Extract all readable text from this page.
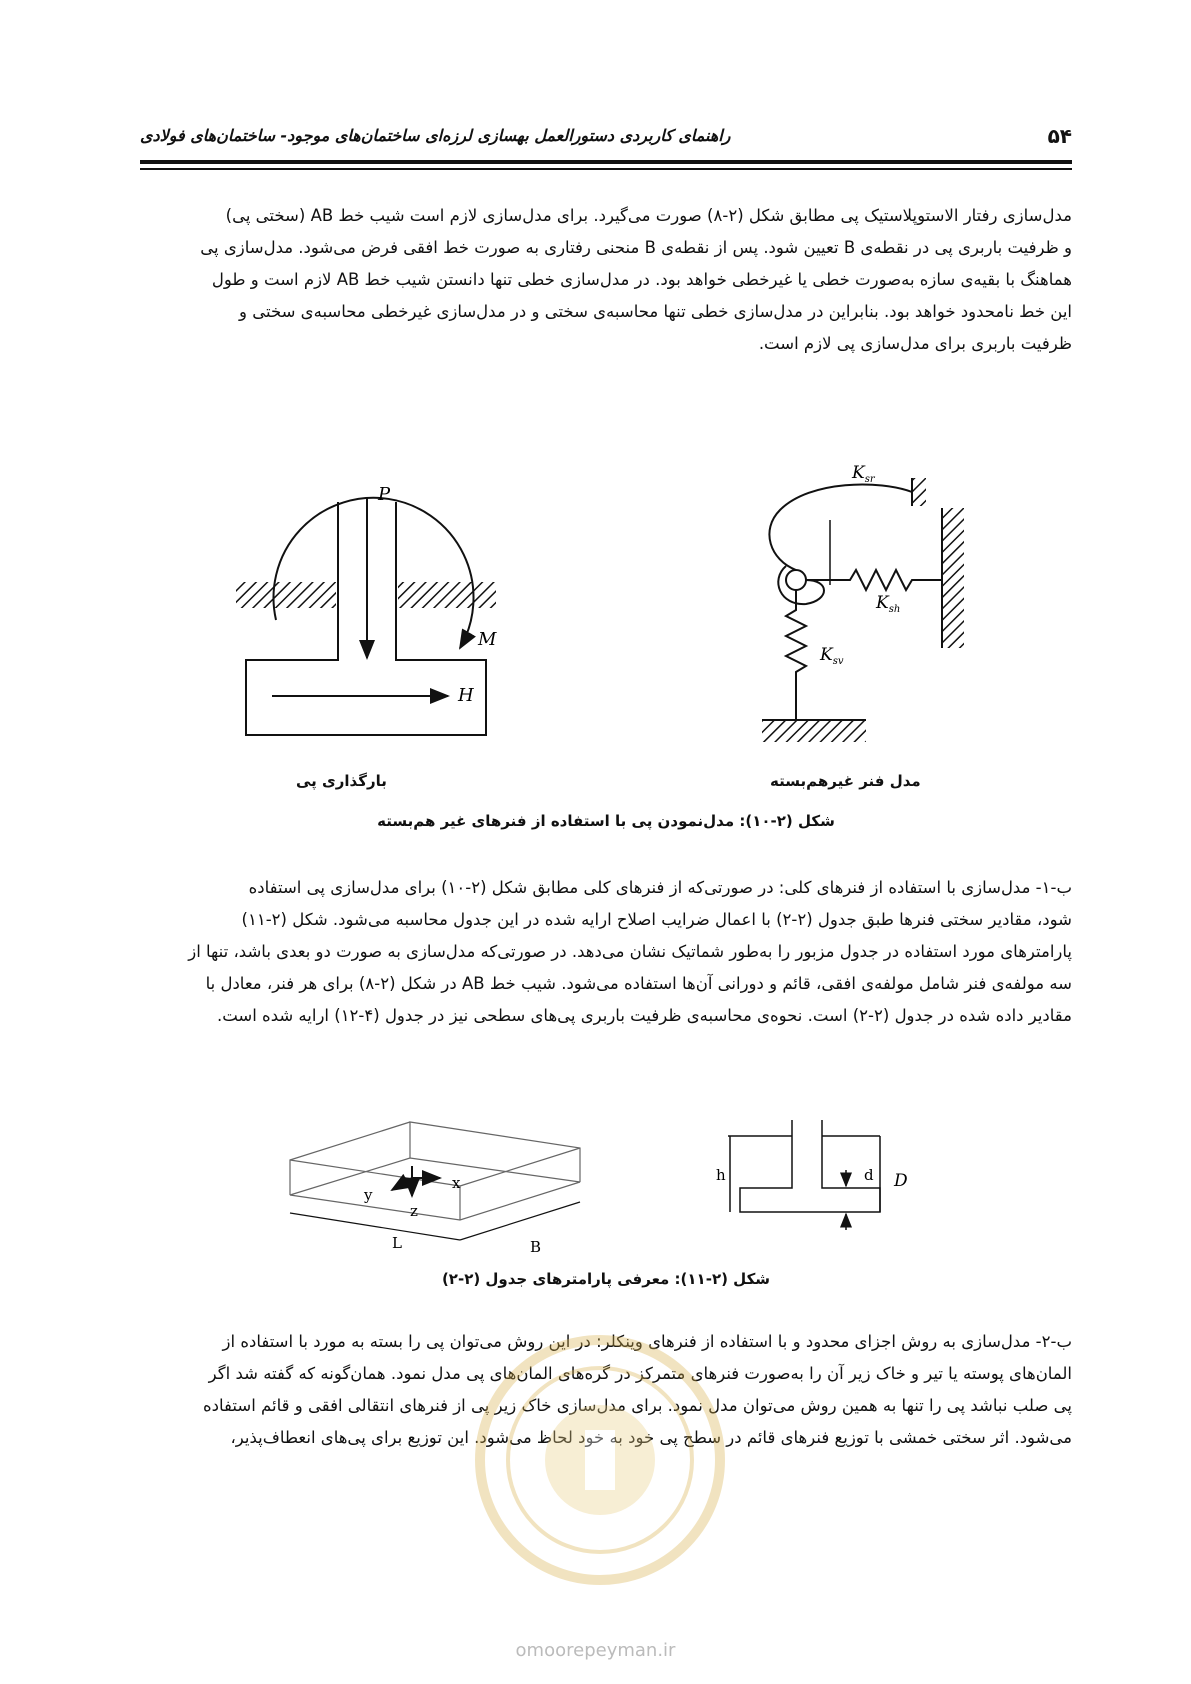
۵۴
راهنمای کاربردی دستورالعمل بهسازی لرزه‌ای ساختمان‌های موجود- ساختمان‌های فولادی
مدل‌سازی رفتار الاستوپلاستیک پی مطابق شکل (۲-۸) صورت می‌گیرد. برای مدل‌سازی لازم است شیب خط AB (سختی پی)
و ظرفیت باربری پی در نقطه‌ی B تعیین شود. پس از نقطه‌ی B منحنی رفتاری به صورت خط افقی فرض می‌شود. مدل‌سازی پی
هماهنگ با بقیه‌ی سازه به‌صورت خطی یا غیرخطی خواهد بود. در مدل‌سازی خطی تنها دانستن شیب خط AB لازم است و طول
این خط نامحدود خواهد بود. بنابراین در مدل‌سازی خطی تنها محاسبه‌ی سختی و در مدل‌سازی غیرخطی محاسبه‌ی سختی و
ظرفیت باربری برای مدل‌سازی پی لازم است.
P
M
H
$K_{sr}$
$K_{sh}$
$K_{sv}$
بارگذاری پی	مدل فنر غیرهم‌بسته
شکل (۲-۱۰): مدل‌نمودن پی با استفاده از فنرهای غیر هم‌بسته
ب-۱- مدل‌سازی با استفاده از فنرهای کلی: در صورتی‌که از فنرهای کلی مطابق شکل (۲-۱۰) برای مدل‌سازی پی استفاده
شود، مقادیر سختی فنرها طبق جدول (۲-۲) با اعمال ضرایب اصلاح ارایه شده در این جدول محاسبه می‌شود. شکل (۲-۱۱)
پارامترهای مورد استفاده در جدول مزبور را به‌طور شماتیک نشان می‌دهد. در صورتی‌که مدل‌سازی به صورت دو بعدی باشد، تنها از
سه مولفه‌ی فنر شامل مولفه‌ی افقی، قائم و دورانی آن‌ها استفاده می‌شود. شیب خط AB در شکل (۲-۸) برای هر فنر، معادل با
مقادیر داده شده در جدول (۲-۲) است. نحوه‌ی محاسبه‌ی ظرفیت باربری پی‌های سطحی نیز در جدول (۴-۱۲) ارایه شده است.
x
y
z
L	B
h	d D
شکل (۲-۱۱): معرفی پارامترهای جدول (۲-۲)
ب-۲- مدل‌سازی به روش اجزای محدود و با استفاده از فنرهای وینکلر: در این روش می‌توان پی را بسته به مورد با استفاده از
المان‌های پوسته یا تیر و خاک زیر آن را به‌صورت فنرهای متمرکز در گره‌های المان‌های پی مدل نمود. همان‌گونه که گفته شد اگر
پی صلب نباشد پی را تنها به همین روش می‌توان مدل نمود. برای مدل‌سازی خاک زیر پی از فنرهای انتقالی افقی و قائم استفاده
می‌شود. اثر سختی خمشی با توزیع فنرهای قائم در سطح پی خود به خود لحاظ می‌شود. این توزیع برای پی‌های انعطاف‌پذیر،
omoorepeyman.ir
